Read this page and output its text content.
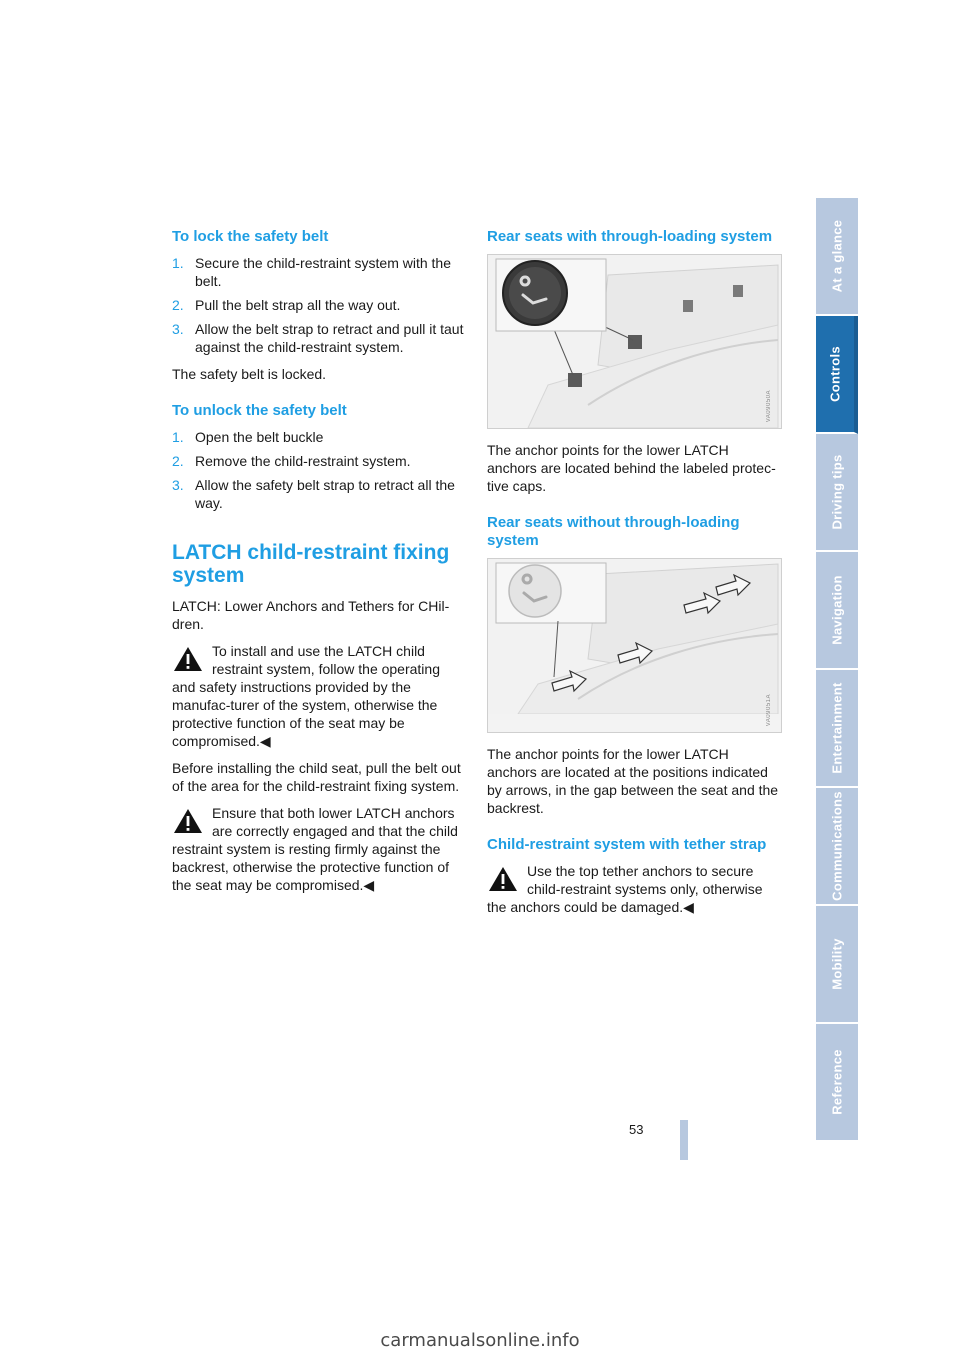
To lock the safety belt
1. Secure the child-restraint system with the belt.
2. Pull the belt strap all the way out.
3. Allow the belt strap to retract and pull it taut against the child-restraint system.

The safety belt is locked.

To unlock the safety belt
1. Open the belt buckle
2. Remove the child-restraint system.
3. Allow the safety belt strap to retract all the way.
LATCH child-restraint fixing system

LATCH: Lower Anchors and Tethers for CHil-dren.

To install and use the LATCH child restraint system, follow the operating and safety instructions provided by the manufac-turer of the system, otherwise the protective function of the seat may be compromised.◀

Before installing the child seat, pull the belt out of the area for the child-restraint fixing system.

Ensure that both lower LATCH anchors are correctly engaged and that the child restraint system is resting firmly against the backrest, otherwise the protective function of the seat may be compromised.◀
Rear seats with through-loading system
VA09050A

The anchor points for the lower LATCH anchors are located behind the labeled protec-tive caps.

Rear seats without through-loading system
VA09051A

The anchor points for the lower LATCH anchors are located at the positions indicated by arrows, in the gap between the seat and the backrest.

Child-restraint system with tether strap
Use the top tether anchors to secure child-restraint systems only, otherwise the anchors could be damaged.◀
At a glance
Controls
Driving tips
Navigation
Entertainment
Communications
Mobility
Reference
53
carmanualsonline.info
